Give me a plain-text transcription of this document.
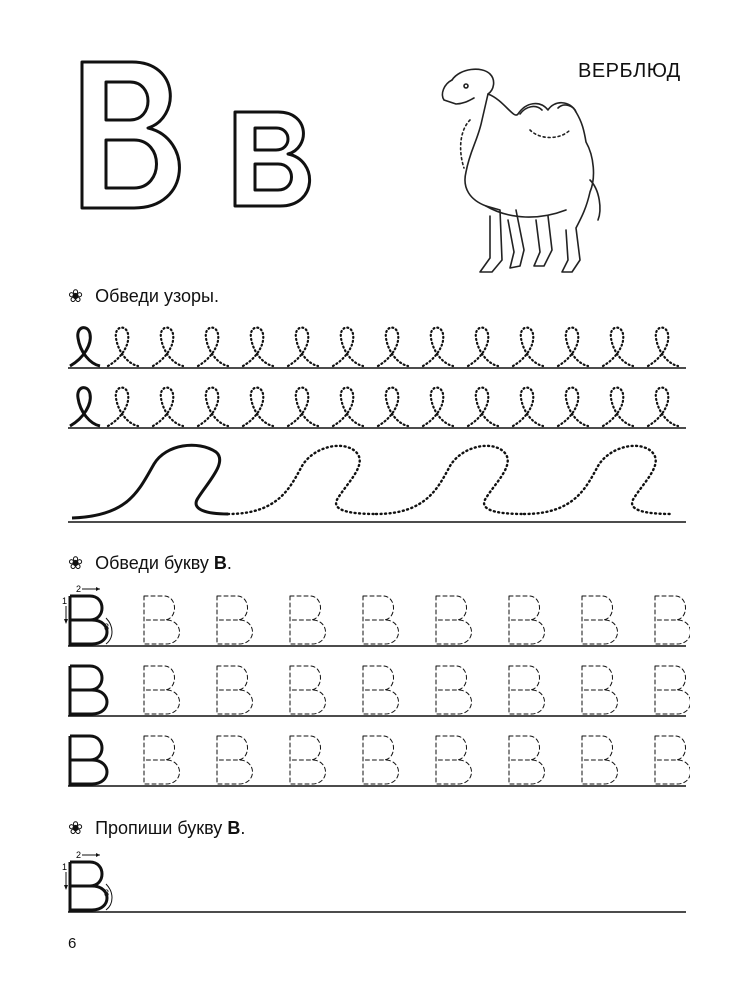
ВЕРБЛЮД
❀ Обведи узоры.
❀ Обведи букву В.
2
1
3
❀ Пропиши букву В.
2
1
3
6
